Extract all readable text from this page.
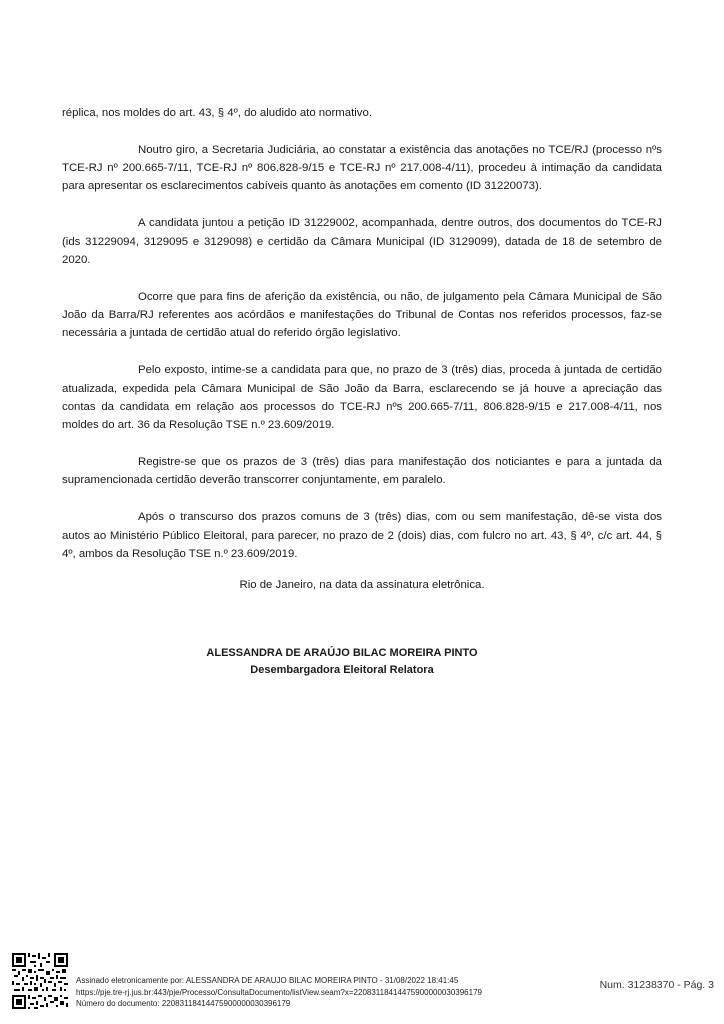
réplica, nos moldes do art. 43, § 4º, do aludido ato normativo.

Noutro giro, a Secretaria Judiciária, ao constatar a existência das anotações no TCE/RJ (processo nºs TCE-RJ nº 200.665-7/11, TCE-RJ nº 806.828-9/15 e TCE-RJ nº 217.008-4/11), procedeu à intimação da candidata para apresentar os esclarecimentos cabíveis quanto às anotações em comento (ID 31220073).

A candidata juntou a petição ID 31229002, acompanhada, dentre outros, dos documentos do TCE-RJ (ids 31229094, 3129095 e 3129098) e certidão da Câmara Municipal (ID 3129099), datada de 18 de setembro de 2020.

Ocorre que para fins de aferição da existência, ou não, de julgamento pela Câmara Municipal de São João da Barra/RJ referentes aos acórdãos e manifestações do Tribunal de Contas nos referidos processos, faz-se necessária a juntada de certidão atual do referido órgão legislativo.

Pelo exposto, intime-se a candidata para que, no prazo de 3 (três) dias, proceda à juntada de certidão atualizada, expedida pela Câmara Municipal de São João da Barra, esclarecendo se já houve a apreciação das contas da candidata em relação aos processos do TCE-RJ nºs 200.665-7/11, 806.828-9/15 e 217.008-4/11, nos moldes do art. 36 da Resolução TSE n.º 23.609/2019.

Registre-se que os prazos de 3 (três) dias para manifestação dos noticiantes e para a juntada da supramencionada certidão deverão transcorrer conjuntamente, em paralelo.

Após o transcurso dos prazos comuns de 3 (três) dias, com ou sem manifestação, dê-se vista dos autos ao Ministério Público Eleitoral, para parecer, no prazo de 2 (dois) dias, com fulcro no art. 43, § 4º, c/c art. 44, § 4º, ambos da Resolução TSE n.º 23.609/2019.

Rio de Janeiro, na data da assinatura eletrônica.
ALESSANDRA DE ARAÚJO BILAC MOREIRA PINTO
Desembargadora Eleitoral Relatora
Assinado eletronicamente por: ALESSANDRA DE ARAUJO BILAC MOREIRA PINTO - 31/08/2022 18:41:45
https://pje.tre-rj.jus.br:443/pje/Processo/ConsultaDocumento/listView.seam?x=22083118414475900000030396179
Número do documento: 22083118414475900000030396179
Num. 31238370 - Pág. 3
